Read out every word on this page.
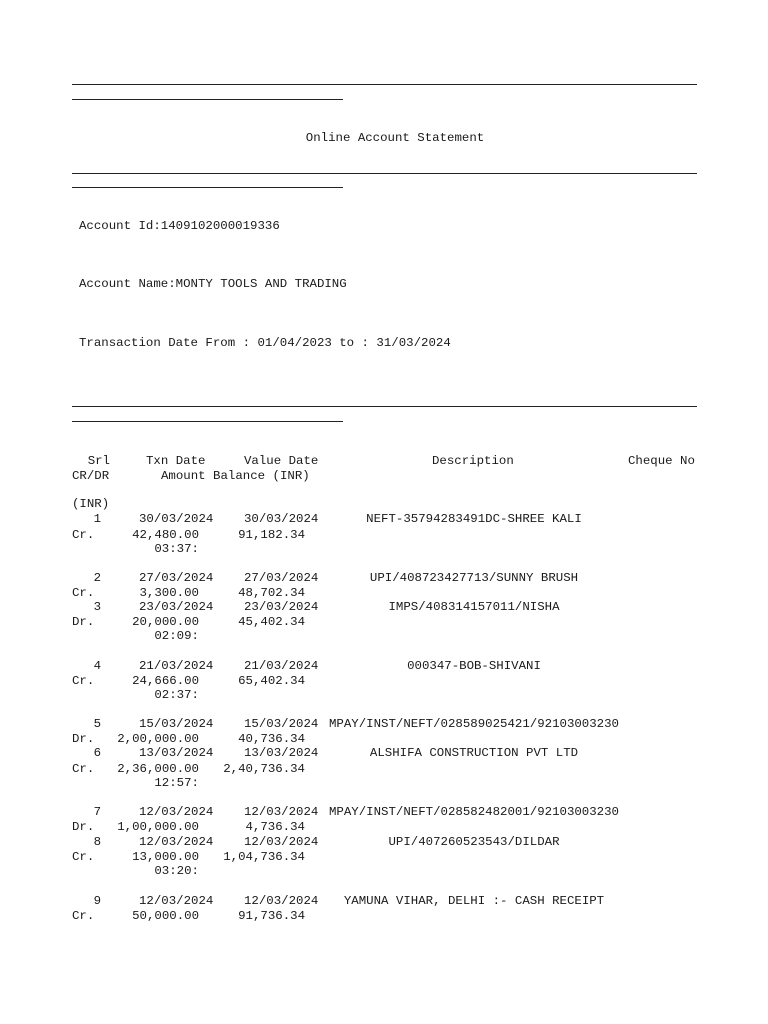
Online Account Statement
Account Id:1409102000019336
Account Name:MONTY TOOLS AND TRADING
Transaction Date From : 01/04/2023 to : 31/03/2024
Srl	Txn Date	Value Date	Description	Cheque No
CR/DR	Amount Balance (INR)
(INR)
1	30/03/2024 30/03/2024	NEFT-35794283491DC-SHREE KALI
Cr.	42,480.00	91,182.34
03:37:
2	27/03/2024 27/03/2024	UPI/408723427713/SUNNY BRUSH
Cr.	3,300.00	48,702.34
3	23/03/2024 23/03/2024	IMPS/408314157011/NISHA
Dr.	20,000.00	45,402.34
02:09:
4	21/03/2024 21/03/2024	000347-BOB-SHIVANI
Cr.	24,666.00	65,402.34
02:37:
5	15/03/2024 15/03/2024 MPAY/INST/NEFT/028589025421/92103003230
Dr.	2,00,000.00	40,736.34
6	13/03/2024 13/03/2024	ALSHIFA CONSTRUCTION PVT LTD
Cr.	2,36,000.00	2,40,736.34
12:57:
7	12/03/2024 12/03/2024 MPAY/INST/NEFT/028582482001/92103003230
Dr.	1,00,000.00	4,736.34
8	12/03/2024 12/03/2024	UPI/407260523543/DILDAR
Cr.	13,000.00	1,04,736.34
03:20:
9	12/03/2024 12/03/2024	YAMUNA VIHAR, DELHI :- CASH RECEIPT
Cr.	50,000.00	91,736.34
